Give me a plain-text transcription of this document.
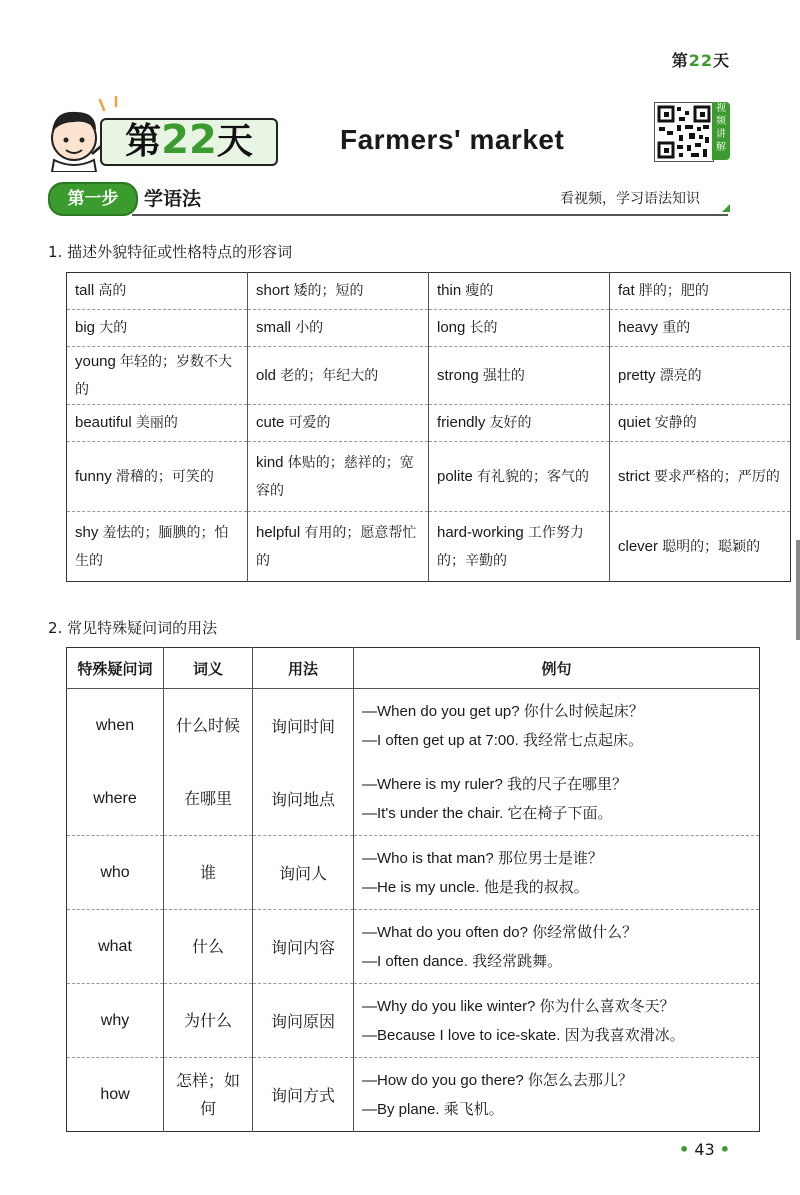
第22天
第22天	Farmers' market
视频讲解
第一步	学语法	看视频，学习语法知识
1. 描述外貌特征或性格特点的形容词
tall 高的	short 矮的；短的	thin 瘦的	fat 胖的；肥的
big 大的	small 小的	long 长的	heavy 重的
young 年轻的；岁数不大的	old 老的；年纪大的	strong 强壮的	pretty 漂亮的
beautiful 美丽的	cute 可爱的	friendly 友好的	quiet 安静的
funny 滑稽的；可笑的	kind 体贴的；慈祥的；宽容的	polite 有礼貌的；客气的	strict 要求严格的；严厉的
shy 羞怯的；腼腆的；怕生的	helpful 有用的；愿意帮忙的	hard-working 工作努力的；辛勤的	clever 聪明的；聪颖的
2. 常见特殊疑问词的用法
特殊疑问词	词义	用法	例句
when	什么时候	询问时间	—When do you get up? 你什么时候起床？
—I often get up at 7:00. 我经常七点起床。

where	在哪里	询问地点	—Where is my ruler? 我的尺子在哪里？
—It's under the chair. 它在椅子下面。

who	谁	询问人	—Who is that man? 那位男士是谁？
—He is my uncle. 他是我的叔叔。

what	什么	询问内容	—What do you often do? 你经常做什么？
—I often dance. 我经常跳舞。

why	为什么	询问原因	—Why do you like winter? 你为什么喜欢冬天？
—Because I love to ice-skate. 因为我喜欢滑冰。

how	怎样；如何	询问方式	—How do you go there? 你怎么去那儿？
—By plane. 乘飞机。
• 43 •
